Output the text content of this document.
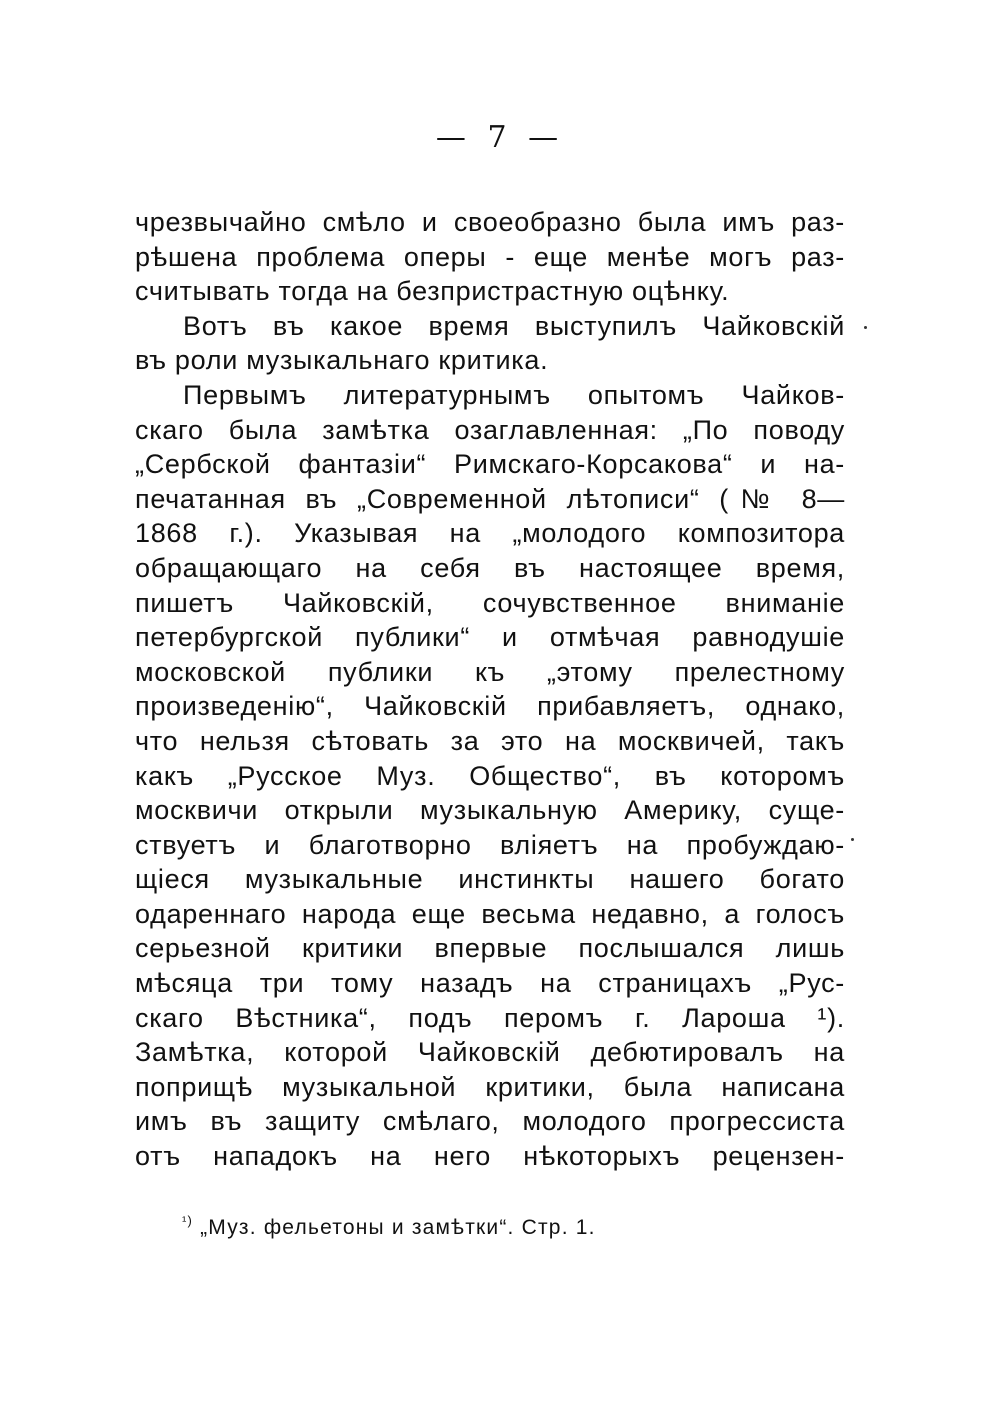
— 7 —
чрезвычайно смѣло и своеобразно была имъ раз-
рѣшена проблема оперы - еще менѣе могъ раз-
считывать тогда на безпристрастную оцѣнку.
Вотъ въ какое время выступилъ Чайковскій
въ роли музыкальнаго критика.
Первымъ литературнымъ опытомъ Чайков-
скаго была замѣтка озаглавленная: „По поводу
„Сербской фантазіи“ Римскаго-Корсакова“ и на-
печатанная въ „Современной лѣтописи“ (№ 8—
1868 г.). Указывая на „молодого композитора
обращающаго на себя въ настоящее время,
пишетъ Чайковскій, сочувственное вниманіе
петербургской публики“ и отмѣчая равнодушіе
московской публики къ „этому прелестному
произведенію“, Чайковскій прибавляетъ, однако,
что нельзя сѣтовать за это на москвичей, такъ
какъ „Русское Муз. Общество“, въ которомъ
москвичи открыли музыкальную Америку, суще-
ствуетъ и благотворно вліяетъ на пробуждаю-
щіеся музыкальные инстинкты нашего богато
одареннаго народа еще весьма недавно, а голосъ
серьезной критики впервые послышался лишь
мѣсяца три тому назадъ на страницахъ „Рус-
скаго Вѣстника“, подъ перомъ г. Лароша ¹).
Замѣтка, которой Чайковскій дебютировалъ на
поприщѣ музыкальной критики, была написана
имъ въ защиту смѣлаго, молодого прогрессиста
отъ нападокъ на него нѣкоторыхъ рецензен-
$^{^1)}$ „Муз. фельетоны и замѣтки“. Стр. 1.
